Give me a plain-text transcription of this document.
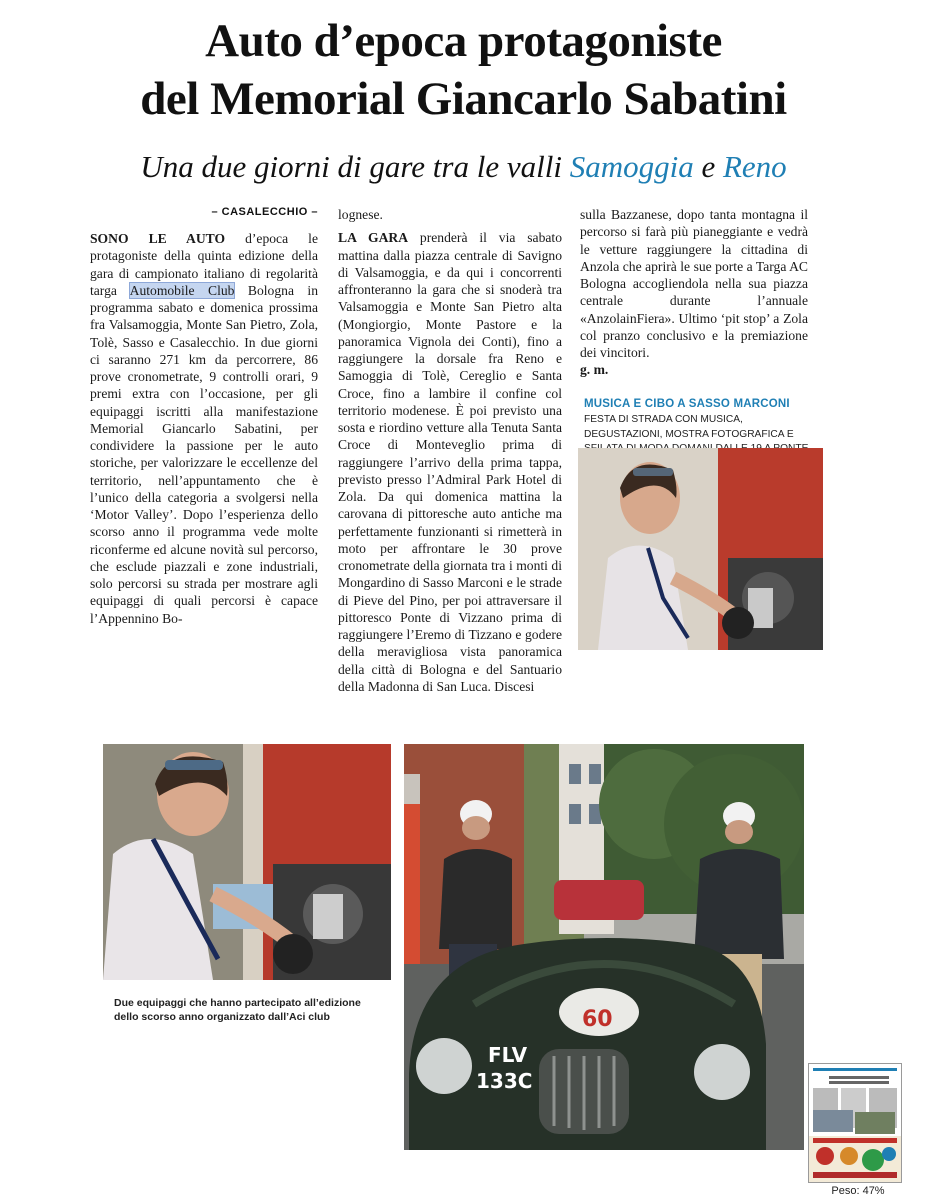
Auto d’epoca protagoniste
del Memorial Giancarlo Sabatini
Una due giorni di gare tra le valli Samoggia e Reno
– CASALECCHIO –
SONO LE AUTO d’epoca le protagoniste della quinta edizione della gara di campionato italiano di regolarità targa Automobile Club Bologna in programma sabato e domenica prossima fra Valsamoggia, Monte San Pietro, Zola, Tolè, Sasso e Casalecchio. In due giorni ci saranno 271 km da percorrere, 86 prove cronometrate, 9 controlli orari, 9 premi extra con l’occasione, per gli equipaggi iscritti alla manifestazione Memorial Giancarlo Sabatini, per condividere la passione per le auto storiche, per valorizzare le eccellenze del territorio, nell’appuntamento che è l’unico della categoria a svolgersi nella ‘Motor Valley’. Dopo l’esperienza dello scorso anno il programma vede molte riconferme ed alcune novità sul percorso, che esclude piazzali e zone industriali, solo percorsi su strada per mostrare agli equipaggi di quali percorsi è capace l’Appennino Bo-
lognese.
LA GARA prenderà il via sabato mattina dalla piazza centrale di Savigno di Valsamoggia, e da qui i concorrenti affronteranno la gara che si snoderà tra Valsamoggia e Monte San Pietro alta (Mongiorgio, Monte Pastore e la panoramica Vignola dei Conti), fino a raggiungere la dorsale fra Reno e Samoggia di Tolè, Cereglio e Santa Croce, fino a lambire il confine col territorio modenese. È poi previsto una sosta e riordino vetture alla Tenuta Santa Croce di Monteveglio prima di raggiungere l’arrivo della prima tappa, previsto presso l’Admiral Park Hotel di Zola. Da qui domenica mattina la carovana di pittoresche auto antiche ma perfettamente funzionanti si rimetterà in moto per affrontare le 30 prove cronometrate della giornata tra i monti di Mongardino di Sasso Marconi e le strade di Pieve del Pino, per poi attraversare il pittoresco Ponte di Vizzano prima di raggiungere l’Eremo di Tizzano e godere della meravigliosa vista panoramica della città di Bologna e del Santuario della Madonna di San Luca. Discesi
sulla Bazzanese, dopo tanta montagna il percorso si farà più pianeggiante e vedrà le vetture raggiungere la cittadina di Anzola che aprirà le sue porte a Targa AC Bologna accogliendola nella sua piazza centrale durante l’annuale «AnzolainFiera». Ultimo ‘pit stop’ a Zola col pranzo conclusivo e la premiazione dei vincitori.
g. m.
MUSICA E CIBO A SASSO MARCONI
FESTA DI STRADA CON MUSICA, DEGUSTAZIONI, MOSTRA FOTOGRAFICA E
60
FLV
133C
Due equipaggi che hanno partecipato all’edizione dello scorso anno organizzato dall’Aci club
Peso: 47%
